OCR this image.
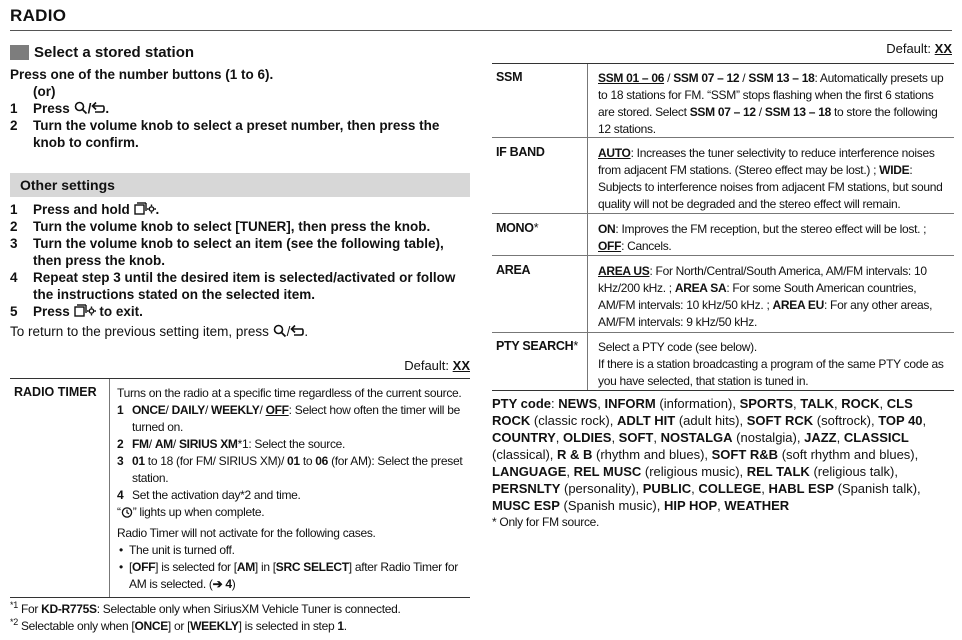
RADIO
Select a stored station	Default: XX
Press one of the number buttons (1 to 6).
(or)
1	Press / .
2	Turn the volume knob to select a preset number, then press the knob to confirm.
Other settings
1	Press and hold .
2	Turn the volume knob to select [TUNER], then press the knob.
3	Turn the volume knob to select an item (see the following table), then press the knob.
4	Repeat step 3 until the desired item is selected/activated or follow the instructions stated on the selected item.
5	Press to exit.
To return to the previous setting item, press / .
Default: XX
RADIO TIMER Turns on the radio at a specific time regardless of the current source.
1 ONCE/ DAILY/ WEEKLY/ OFF: Select how often the timer will be turned on.
2 FM/ AM/ SIRIUS XM*1: Select the source.
3 01 to 18 (for FM/ SIRIUS XM)/ 01 to 06 (for AM): Select the preset station.
4 Set the activation day*2 and time.
“ ” lights up when complete.
Radio Timer will not activate for the following cases.
• The unit is turned off.
• [OFF] is selected for [AM] in [SRC SELECT] after Radio Timer for AM is selected. (➔ 4)
$^{*1}$ For KD-R775S: Selectable only when SiriusXM Vehicle Tuner is connected.
$^{*2}$ Selectable only when [ONCE] or [WEEKLY] is selected in step 1.
SSM	SSM 01 – 06 / SSM 07 – 12 / SSM 13 – 18: Automatically presets up to 18 stations for FM. “SSM” stops flashing when the first 6 stations are stored. Select SSM 07 – 12 / SSM 13 – 18 to store the following 12 stations.
IF BAND	AUTO: Increases the tuner selectivity to reduce interference noises from adjacent FM stations. (Stereo effect may be lost.) ; WIDE: Subjects to interference noises from adjacent FM stations, but sound quality will not be degraded and the stereo effect will remain.
MONO*	ON: Improves the FM reception, but the stereo effect will be lost. ;
OFF: Cancels.
AREA	AREA US: For North/Central/South America, AM/FM intervals: 10 kHz/200 kHz. ; AREA SA: For some South American countries, AM/FM intervals: 10 kHz/50 kHz. ; AREA EU: For any other areas, AM/FM intervals: 9 kHz/50 kHz.
PTY SEARCH* Select a PTY code (see below).
If there is a station broadcasting a program of the same PTY code as you have selected, that station is tuned in.
PTY code: NEWS, INFORM (information), SPORTS, TALK, ROCK, CLS ROCK (classic rock), ADLT HIT (adult hits), SOFT RCK (softrock), TOP 40, COUNTRY, OLDIES, SOFT, NOSTALGA (nostalgia), JAZZ, CLASSICL (classical), R & B (rhythm and blues), SOFT R&B (soft rhythm and blues), LANGUAGE, REL MUSC (religious music), REL TALK (religious talk), PERSNLTY (personality), PUBLIC, COLLEGE, HABL ESP (Spanish talk), MUSC ESP (Spanish music), HIP HOP, WEATHER
* Only for FM source.
